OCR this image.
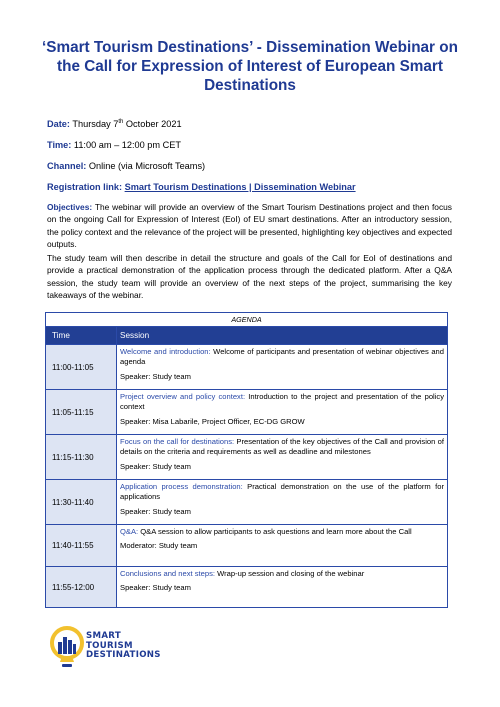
‘Smart Tourism Destinations’ - Dissemination Webinar on the Call for Expression of Interest of European Smart Destinations
Date: Thursday 7th October 2021
Time: 11:00 am – 12:00 pm CET
Channel: Online (via Microsoft Teams)
Registration link: Smart Tourism Destinations | Dissemination Webinar
Objectives: The webinar will provide an overview of the Smart Tourism Destinations project and then focus on the ongoing Call for Expression of Interest (EoI) of EU smart destinations. After an introductory session, the policy context and the relevance of the project will be presented, highlighting key objectives and expected outputs.
The study team will then describe in detail the structure and goals of the Call for EoI of destinations and provide a practical demonstration of the application process through the dedicated platform. After a Q&A session, the study team will provide an overview of the next steps of the project, summarising the key takeaways of the webinar.
AGENDA	
Time	Session
11:00-11:05	Welcome and introduction: Welcome of participants and presentation of webinar objectives and agenda
Speaker: Study team

11:05-11:15	Project overview and policy context: Introduction to the project and presentation of the policy context
Speaker: Misa Labarile, Project Officer, EC-DG GROW

11:15-11:30	Focus on the call for destinations: Presentation of the key objectives of the Call and provision of details on the criteria and requirements as well as deadline and milestones
Speaker: Study team

11:30-11:40	Application process demonstration: Practical demonstration on the use of the platform for applications
Speaker: Study team

11:40-11:55	Q&A: Q&A session to allow participants to ask questions and learn more about the Call
Moderator: Study team

11:55-12:00	Conclusions and next steps: Wrap-up session and closing of the webinar
Speaker: Study team
SMART
TOURISM
DESTINATIONS
